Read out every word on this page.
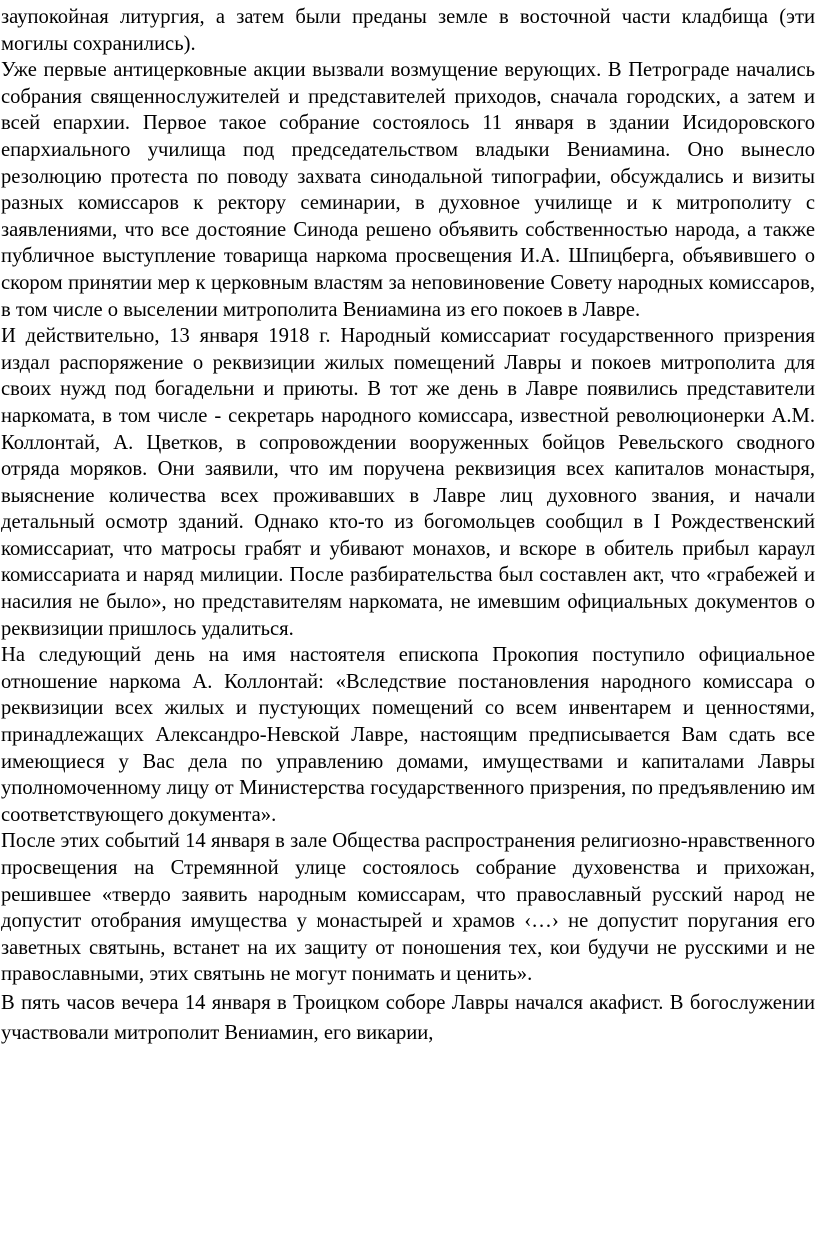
заупокойная литургия, а затем были преданы земле в восточной части кладбища (эти могилы сохранились).

Уже первые антицерковные акции вызвали возмущение верующих. В Петрограде начались собрания священнослужителей и представителей приходов, сначала городских, а затем и всей епархии. Первое такое собрание состоялось 11 января в здании Исидоровского епархиального училища под председательством владыки Вениамина. Оно вынесло резолюцию протеста по поводу захвата синодальной типографии, обсуждались и визиты разных комиссаров к ректору семинарии, в духовное училище и к митрополиту с заявлениями, что все достояние Синода решено объявить собственностью народа, а также публичное выступление товарища наркома просвещения И.А. Шпицберга, объявившего о скором принятии мер к церковным властям за неповиновение Совету народных комиссаров, в том числе о выселении митрополита Вениамина из его покоев в Лавре.

И действительно, 13 января 1918 г. Народный комиссариат государственного призрения издал распоряжение о реквизиции жилых помещений Лавры и покоев митрополита для своих нужд под богадельни и приюты. В тот же день в Лавре появились представители наркомата, в том числе - секретарь народного комиссара, известной революционерки А.М. Коллонтай, А. Цветков, в сопровождении вооруженных бойцов Ревельского сводного отряда моряков. Они заявили, что им поручена реквизиция всех капиталов монастыря, выяснение количества всех проживавших в Лавре лиц духовного звания, и начали детальный осмотр зданий. Однако кто-то из богомольцев сообщил в I Рождественский комиссариат, что матросы грабят и убивают монахов, и вскоре в обитель прибыл караул комиссариата и наряд милиции. После разбирательства был составлен акт, что «грабежей и насилия не было», но представителям наркомата, не имевшим официальных документов о реквизиции пришлось удалиться.

На следующий день на имя настоятеля епископа Прокопия поступило официальное отношение наркома А. Коллонтай: «Вследствие постановления народного комиссара о реквизиции всех жилых и пустующих помещений со всем инвентарем и ценностями, принадлежащих Александро-Невской Лавре, настоящим предписывается Вам сдать все имеющиеся у Вас дела по управлению домами, имуществами и капиталами Лавры уполномоченному лицу от Министерства государственного призрения, по предъявлению им соответствующего документа».

После этих событий 14 января в зале Общества распространения религиозно-нравственного просвещения на Стремянной улице состоялось собрание духовенства и прихожан, решившее «твердо заявить народным комиссарам, что православный русский народ не допустит отобрания имущества у монастырей и храмов ‹…› не допустит поругания его заветных святынь, встанет на их защиту от поношения тех, кои будучи не русскими и не православными, этих святынь не могут понимать и ценить».

В пять часов вечера 14 января в Троицком соборе Лавры начался акафист. В богослужении участвовали митрополит Вениамин, его викарии,
